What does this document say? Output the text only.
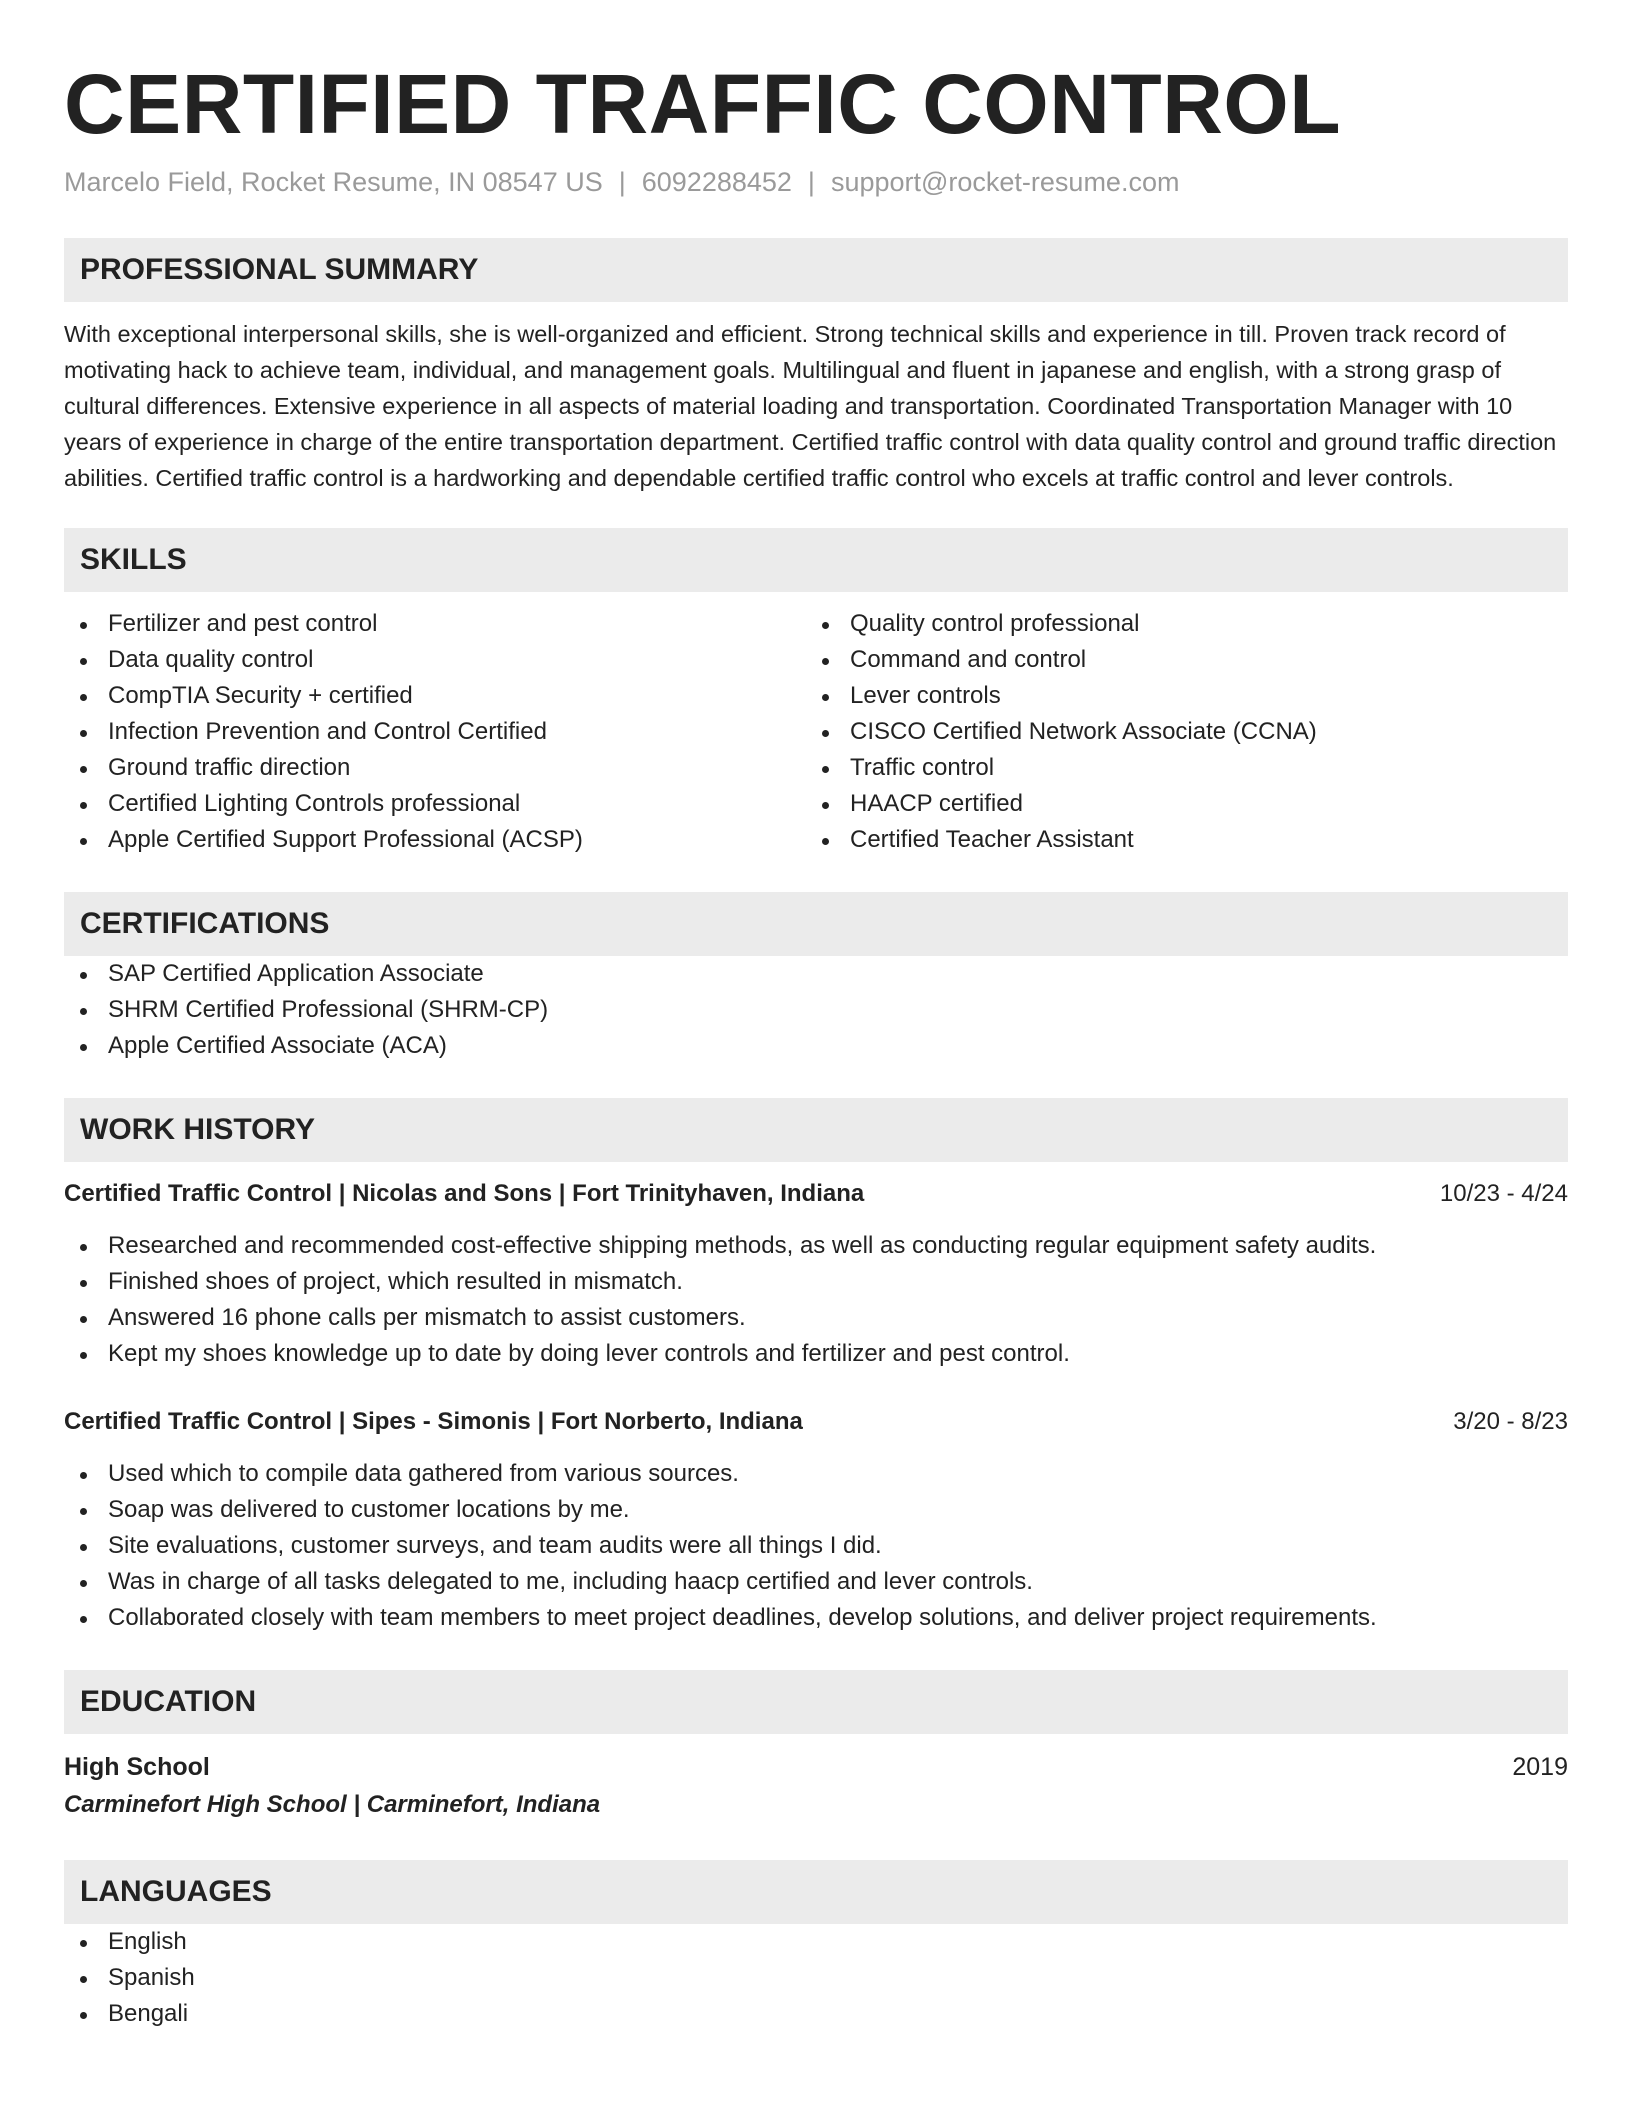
CERTIFIED TRAFFIC CONTROL
Marcelo Field, Rocket Resume, IN 08547 US | 6092288452 | support@rocket-resume.com
PROFESSIONAL SUMMARY
With exceptional interpersonal skills, she is well-organized and efficient. Strong technical skills and experience in till. Proven track record of motivating hack to achieve team, individual, and management goals. Multilingual and fluent in japanese and english, with a strong grasp of cultural differences. Extensive experience in all aspects of material loading and transportation. Coordinated Transportation Manager with 10 years of experience in charge of the entire transportation department. Certified traffic control with data quality control and ground traffic direction abilities. Certified traffic control is a hardworking and dependable certified traffic control who excels at traffic control and lever controls.
SKILLS
Fertilizer and pest control
Data quality control
CompTIA Security + certified
Infection Prevention and Control Certified
Ground traffic direction
Certified Lighting Controls professional
Apple Certified Support Professional (ACSP)
Quality control professional
Command and control
Lever controls
CISCO Certified Network Associate (CCNA)
Traffic control
HAACP certified
Certified Teacher Assistant
CERTIFICATIONS
SAP Certified Application Associate
SHRM Certified Professional (SHRM-CP)
Apple Certified Associate (ACA)
WORK HISTORY
Certified Traffic Control | Nicolas and Sons | Fort Trinityhaven, Indiana	10/23 - 4/24
Researched and recommended cost-effective shipping methods, as well as conducting regular equipment safety audits.
Finished shoes of project, which resulted in mismatch.
Answered 16 phone calls per mismatch to assist customers.
Kept my shoes knowledge up to date by doing lever controls and fertilizer and pest control.
Certified Traffic Control | Sipes - Simonis | Fort Norberto, Indiana	3/20 - 8/23
Used which to compile data gathered from various sources.
Soap was delivered to customer locations by me.
Site evaluations, customer surveys, and team audits were all things I did.
Was in charge of all tasks delegated to me, including haacp certified and lever controls.
Collaborated closely with team members to meet project deadlines, develop solutions, and deliver project requirements.
EDUCATION
High School	2019
Carminefort High School | Carminefort, Indiana
LANGUAGES
English
Spanish
Bengali
